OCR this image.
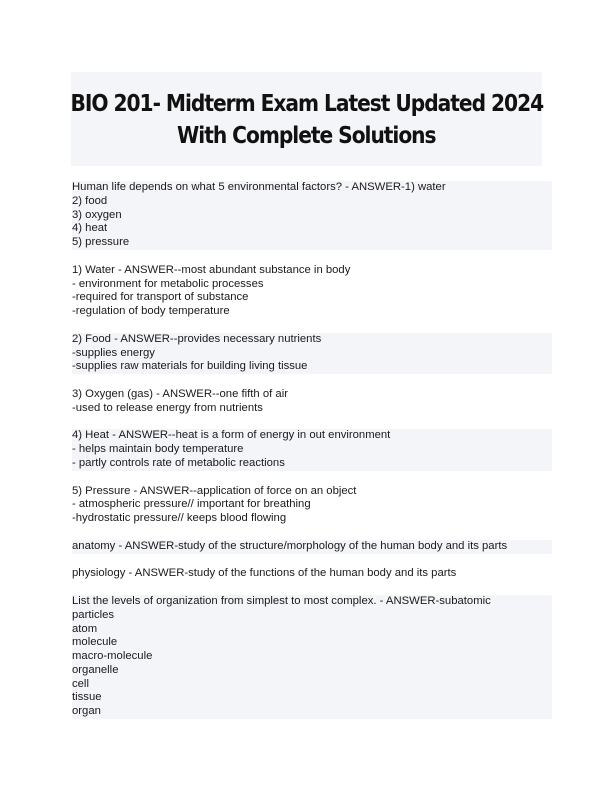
BIO 201- Midterm Exam Latest Updated 2024
With Complete Solutions
Human life depends on what 5 environmental factors? - ANSWER-1) water
2) food
3) oxygen
4) heat
5) pressure
1) Water - ANSWER--most abundant substance in body
- environment for metabolic processes
-required for transport of substance
-regulation of body temperature
2) Food - ANSWER--provides necessary nutrients
-supplies energy
-supplies raw materials for building living tissue
3) Oxygen (gas) - ANSWER--one fifth of air
-used to release energy from nutrients
4) Heat - ANSWER--heat is a form of energy in out environment
- helps maintain body temperature
- partly controls rate of metabolic reactions
5) Pressure - ANSWER--application of force on an object
- atmospheric pressure// important for breathing
-hydrostatic pressure// keeps blood flowing
anatomy - ANSWER-study of the structure/morphology of the human body and its parts
physiology - ANSWER-study of the functions of the human body and its parts
List the levels of organization from simplest to most complex. - ANSWER-subatomic
particles
atom
molecule
macro-molecule
organelle
cell
tissue
organ
